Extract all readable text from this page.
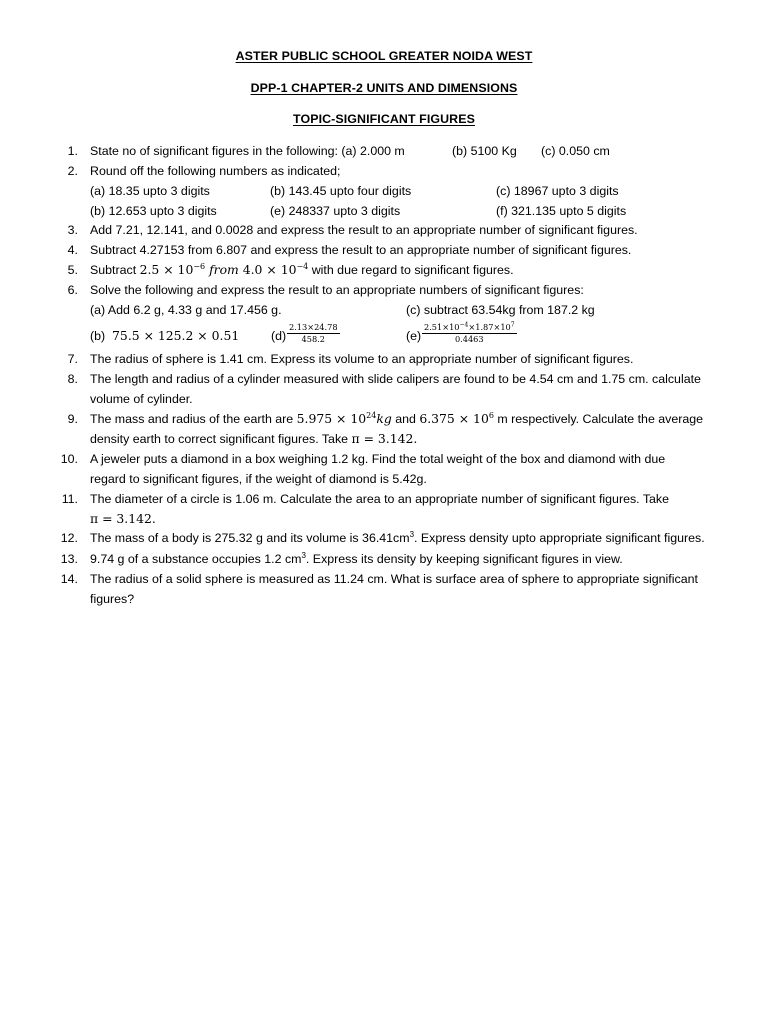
ASTER PUBLIC SCHOOL GREATER NOIDA WEST
DPP-1 CHAPTER-2 UNITS AND DIMENSIONS
TOPIC-SIGNIFICANT FIGURES
1. State no of significant figures in the following: (a) 2.000 m	(b) 5100 Kg (c) 0.050 cm
2. Round off the following numbers as indicated;
(a) 18.35 upto 3 digits	(b) 143.45 upto four digits	(c) 18967 upto 3 digits
(b) 12.653 upto 3 digits	(e) 248337 upto 3 digits	(f) 321.135 upto 5 digits
3. Add 7.21, 12.141, and 0.0028 and express the result to an appropriate number of significant figures.
4. Subtract 4.27153 from 6.807 and express the result to an appropriate number of significant figures.
5. Subtract $2.5 \times 10^{-6}$ from $4.0 \times 10^{-4}$ with due regard to significant figures.
6. Solve the following and express the result to an appropriate numbers of significant figures:
(a) Add 6.2 g, 4.33 g and 17.456 g.	(c) subtract 63.54kg from 187.2 kg
(b) 75.5 × 125.2 × 0.51	$(d) \frac{2.13\times 24.78}{458.2}$	$(e) \frac{2.51\times 10^{-4}\times 1.87\times 10^7}{0.4463}$
7. The radius of sphere is 1.41 cm. Express its volume to an appropriate number of significant figures.
8. The length and radius of a cylinder measured with slide calipers are found to be 4.54 cm and 1.75 cm. calculate
volume of cylinder.
9. The mass and radius of the earth are $5.975 \times 10^{24}kg$ and $6.375 \times 10^6$ m respectively. Calculate the average
density earth to correct significant figures. Take π = 3.142.
10. A jeweler puts a diamond in a box weighing 1.2 kg. Find the total weight of the box and diamond with due
regard to significant figures, if the weight of diamond is 5.42g.
11. The diameter of a circle is 1.06 m. Calculate the area to an appropriate number of significant figures. Take
π = 3.142.
12. The mass of a body is 275.32 g and its volume is $36.41cm^3$. Express density upto appropriate significant figures.
13. 9.74 g of a substance occupies 1.2 $cm^3$. Express its density by keeping significant figures in view.
14. The radius of a solid sphere is measured as 11.24 cm. What is surface area of sphere to appropriate significant
figures?
